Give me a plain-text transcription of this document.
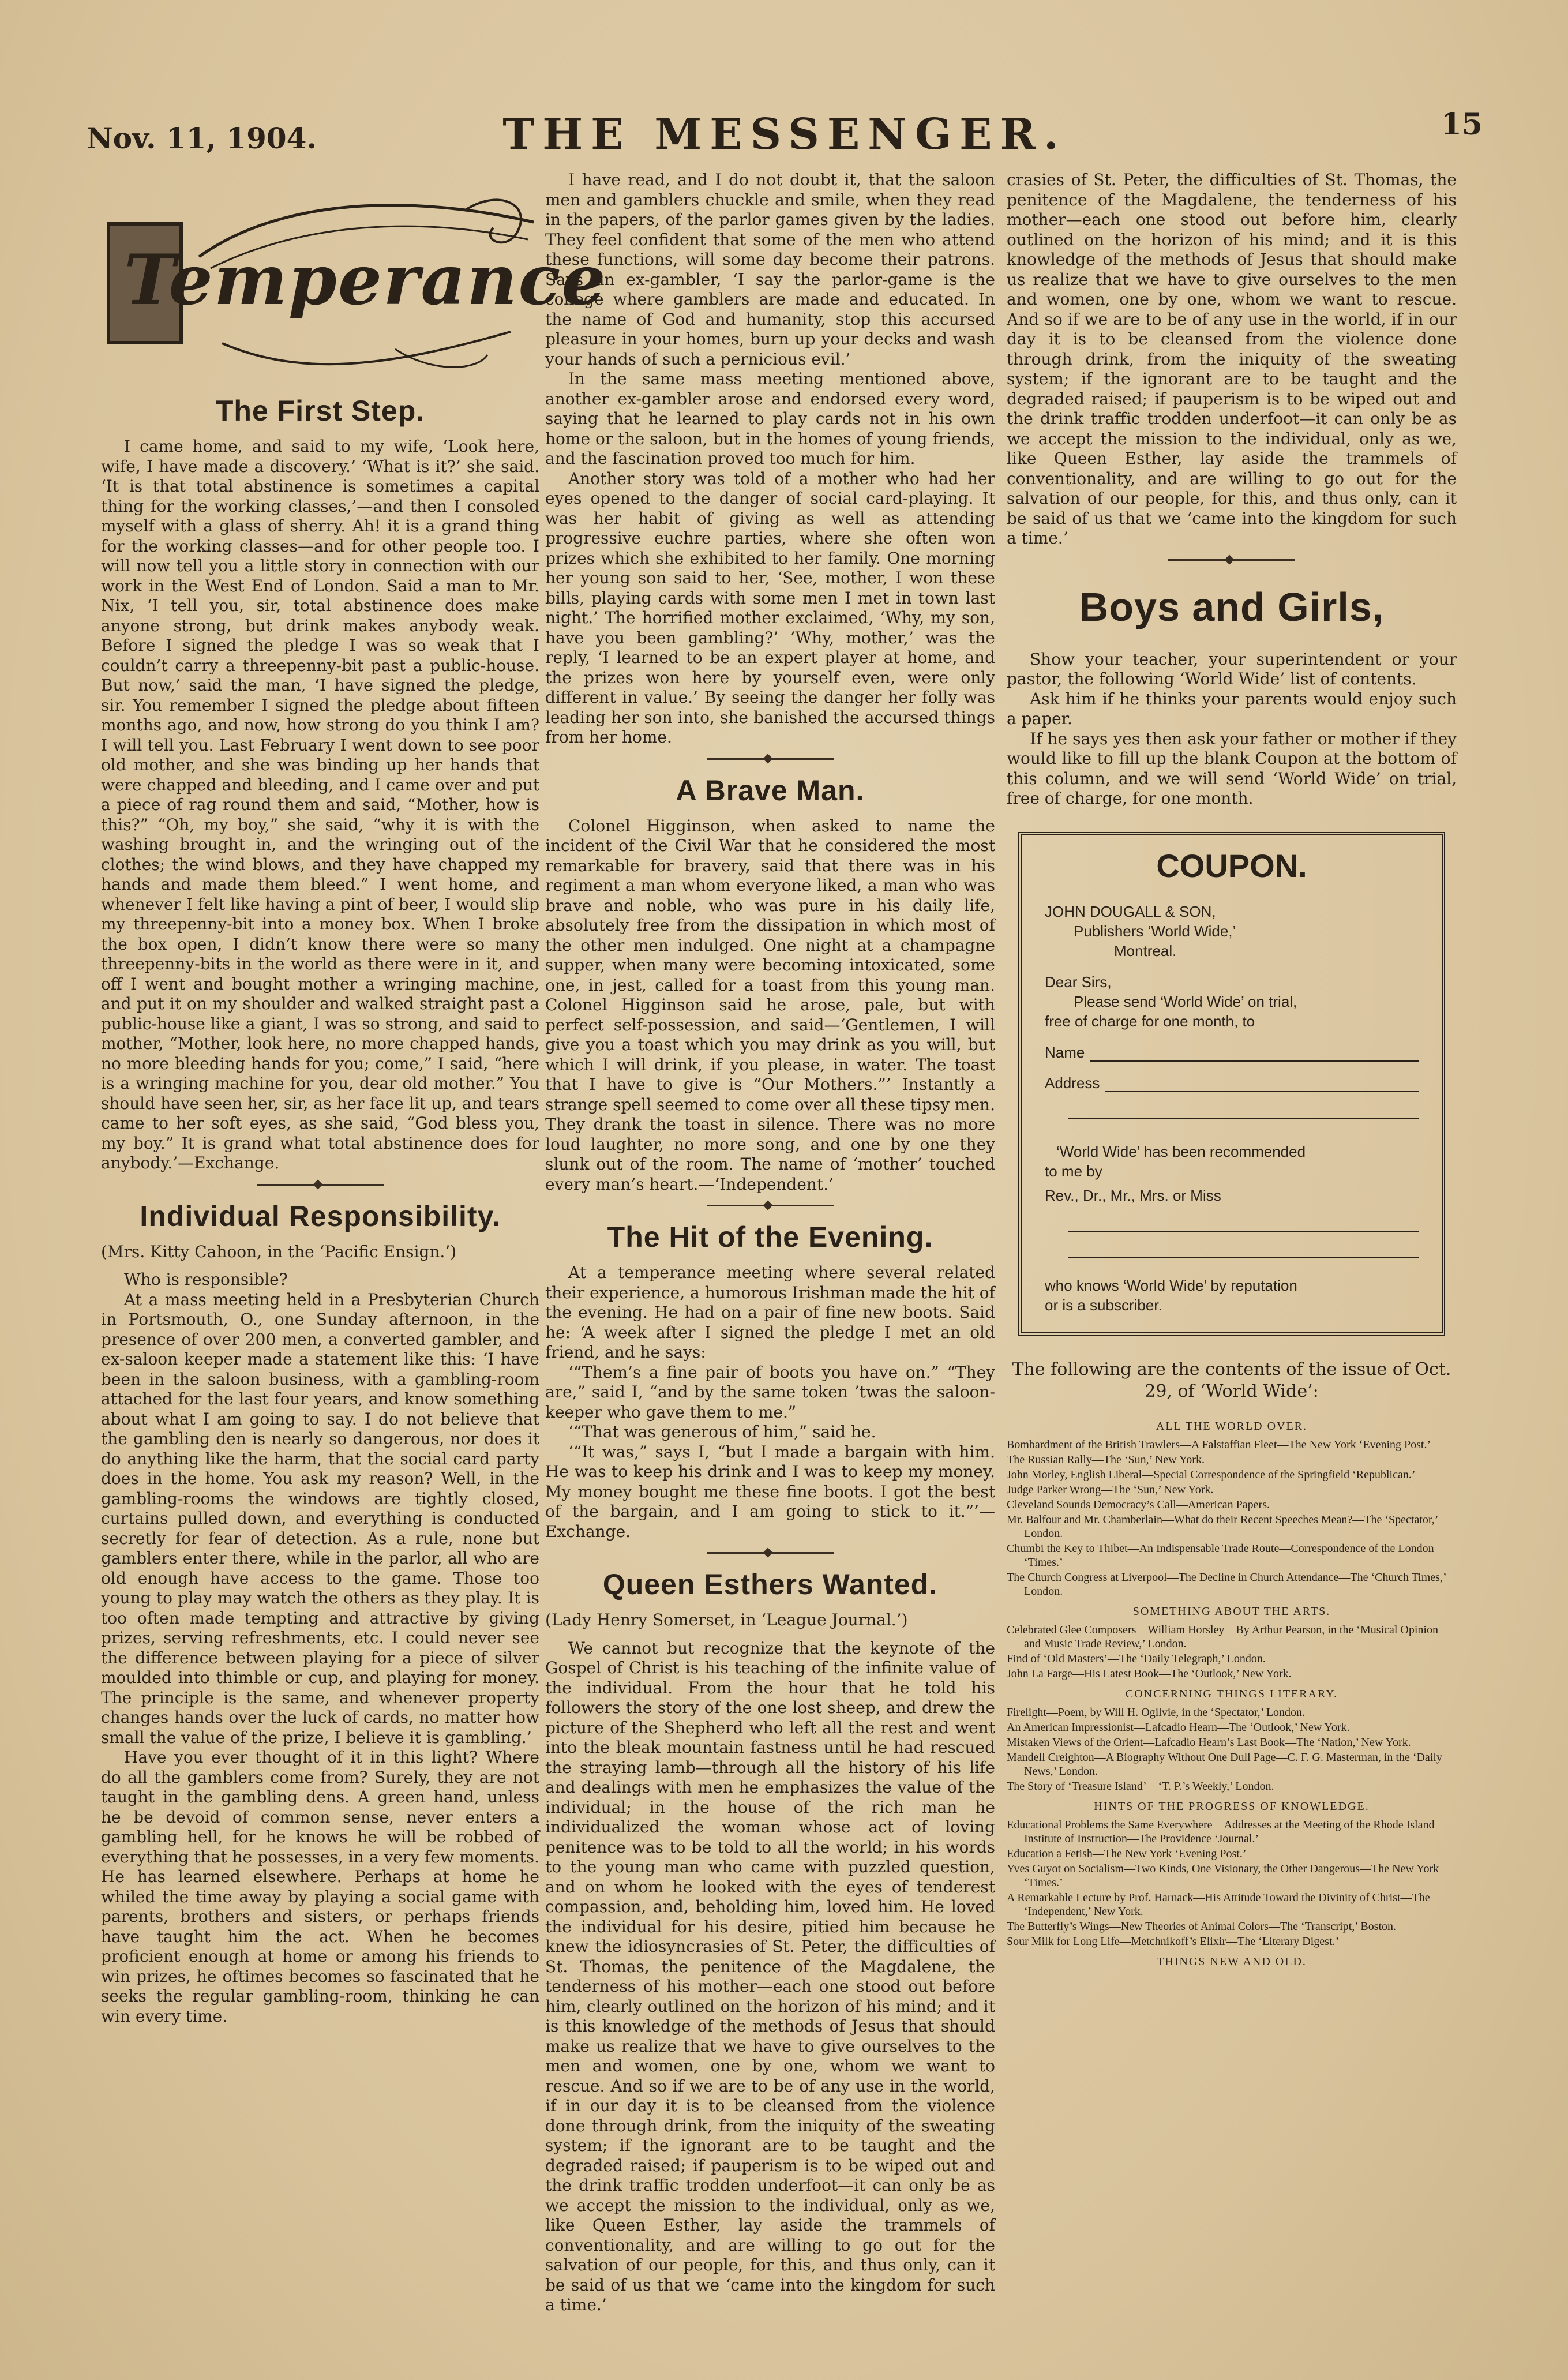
Nov. 11, 1904.	THE MESSENGER.	15
Temperance
The First Step.

I came home, and said to my wife, ‘Look here, wife, I have made a discovery.’ ‘What is it?’ she said. ‘It is that total abstinence is sometimes a capital thing for the working classes,’—and then I consoled myself with a glass of sherry. Ah! it is a grand thing for the working classes—and for other people too. I will now tell you a little story in connection with our work in the West End of London. Said a man to Mr. Nix, ‘I tell you, sir, total abstinence does make anyone strong, but drink makes anybody weak. Before I signed the pledge I was so weak that I couldn’t carry a threepenny-bit past a public-house. But now,’ said the man, ‘I have signed the pledge, sir. You remember I signed the pledge about fifteen months ago, and now, how strong do you think I am? I will tell you. Last February I went down to see poor old mother, and she was binding up her hands that were chapped and bleeding, and I came over and put a piece of rag round them and said, “Mother, how is this?” “Oh, my boy,” she said, “why it is with the washing brought in, and the wringing out of the clothes; the wind blows, and they have chapped my hands and made them bleed.” I went home, and whenever I felt like having a pint of beer, I would slip my threepenny-bit into a money box. When I broke the box open, I didn’t know there were so many threepenny-bits in the world as there were in it, and off I went and bought mother a wringing machine, and put it on my shoulder and walked straight past a public-house like a giant, I was so strong, and said to mother, “Mother, look here, no more chapped hands, no more bleeding hands for you; come,” I said, “here is a wringing machine for you, dear old mother.” You should have seen her, sir, as her face lit up, and tears came to her soft eyes, as she said, “God bless you, my boy.” It is grand what total abstinence does for anybody.’—Exchange.

Individual Responsibility.
(Mrs. Kitty Cahoon, in the ‘Pacific Ensign.’)

Who is responsible?

At a mass meeting held in a Presbyterian Church in Portsmouth, O., one Sunday afternoon, in the presence of over 200 men, a converted gambler, and ex-saloon keeper made a statement like this: ‘I have been in the saloon business, with a gambling-room attached for the last four years, and know something about what I am going to say. I do not believe that the gambling den is nearly so dangerous, nor does it do anything like the harm, that the social card party does in the home. You ask my reason? Well, in the gambling-rooms the windows are tightly closed, curtains pulled down, and everything is conducted secretly for fear of detection. As a rule, none but gamblers enter there, while in the parlor, all who are old enough have access to the game. Those too young to play may watch the others as they play. It is too often made tempting and attractive by giving prizes, serving refreshments, etc. I could never see the difference between playing for a piece of silver moulded into thimble or cup, and playing for money. The principle is the same, and whenever property changes hands over the luck of cards, no matter how small the value of the prize, I believe it is gambling.’

Have you ever thought of it in this light? Where do all the gamblers come from? Surely, they are not taught in the gambling dens. A green hand, unless he be devoid of common sense, never enters a gambling hell, for he knows he will be robbed of everything that he possesses, in a very few moments. He has learned elsewhere. Perhaps at home he whiled the time away by playing a social game with parents, brothers and sisters, or perhaps friends have taught him the act. When he becomes proficient enough at home or among his friends to win prizes, he oftimes becomes so fascinated that he seeks the regular gambling-room, thinking he can win every time.

I have read, and I do not doubt it, that the saloon men and gamblers chuckle and smile, when they read in the papers, of the parlor games given by the ladies. They feel confident that some of the men who attend these functions, will some day become their patrons. Says an ex-gambler, ‘I say the parlor-game is the college where gamblers are made and educated. In the name of God and humanity, stop this accursed pleasure in your homes, burn up your decks and wash your hands of such a pernicious evil.’

In the same mass meeting mentioned above, another ex-gambler arose and endorsed every word, saying that he learned to play cards not in his own home or the saloon, but in the homes of young friends, and the fascination proved too much for him.

Another story was told of a mother who had her eyes opened to the danger of social card-playing. It was her habit of giving as well as attending progressive euchre parties, where she often won prizes which she exhibited to her family. One morning her young son said to her, ‘See, mother, I won these bills, playing cards with some men I met in town last night.’ The horrified mother exclaimed, ‘Why, my son, have you been gambling?’ ‘Why, mother,’ was the reply, ‘I learned to be an expert player at home, and the prizes won here by yourself even, were only different in value.’ By seeing the danger her folly was leading her son into, she banished the accursed things from her home.

A Brave Man.

Colonel Higginson, when asked to name the incident of the Civil War that he considered the most remarkable for bravery, said that there was in his regiment a man whom everyone liked, a man who was brave and noble, who was pure in his daily life, absolutely free from the dissipation in which most of the other men indulged. One night at a champagne supper, when many were becoming intoxicated, some one, in jest, called for a toast from this young man. Colonel Higginson said he arose, pale, but with perfect self-possession, and said—‘Gentlemen, I will give you a toast which you may drink as you will, but which I will drink, if you please, in water. The toast that I have to give is “Our Mothers.”’ Instantly a strange spell seemed to come over all these tipsy men. They drank the toast in silence. There was no more loud laughter, no more song, and one by one they slunk out of the room. The name of ‘mother’ touched every man’s heart.—‘Independent.’

The Hit of the Evening.

At a temperance meeting where several related their experience, a humorous Irishman made the hit of the evening. He had on a pair of fine new boots. Said he: ‘A week after I signed the pledge I met an old friend, and he says:

‘“Them’s a fine pair of boots you have on.” “They are,” said I, “and by the same token ’twas the saloon-keeper who gave them to me.”

‘“That was generous of him,” said he.

‘“It was,” says I, “but I made a bargain with him. He was to keep his drink and I was to keep my money. My money bought me these fine boots. I got the best of the bargain, and I am going to stick to it.”’—Exchange.

Queen Esthers Wanted.
(Lady Henry Somerset, in ‘League Journal.’)

We cannot but recognize that the keynote of the Gospel of Christ is his teaching of the infinite value of the individual. From the hour that he told his followers the story of the one lost sheep, and drew the picture of the Shepherd who left all the rest and went into the bleak mountain fastness until he had rescued the straying lamb—through all the history of his life and dealings with men he emphasizes the value of the individual; in the house of the rich man he individualized the woman whose act of loving penitence was to be told to all the world; in his words to the young man who came with puzzled question, and on whom he looked with the eyes of tenderest compassion, and, beholding him, loved him. He loved the individual for his desire, pitied him because he knew the idiosyncrasies of St. Peter, the difficulties of St. Thomas, the penitence of the Magdalene, the tenderness of his mother—each one stood out before him, clearly outlined on the horizon of his mind; and it is this knowledge of the methods of Jesus that should make us realize that we have to give ourselves to the men and women, one by one, whom we want to rescue. And so if we are to be of any use in the world, if in our day it is to be cleansed from the violence done through drink, from the iniquity of the sweating system; if the ignorant are to be taught and the degraded raised; if pauperism is to be wiped out and the drink traffic trodden underfoot—it can only be as we accept the mission to the individual, only as we, like Queen Esther, lay aside the trammels of conventionality, and are willing to go out for the salvation of our people, for this, and thus only, can it be said of us that we ‘came into the kingdom for such a time.’

crasies of St. Peter, the difficulties of St. Thomas, the penitence of the Magdalene, the tenderness of his mother—each one stood out before him, clearly outlined on the horizon of his mind; and it is this knowledge of the methods of Jesus that should make us realize that we have to give ourselves to the men and women, one by one, whom we want to rescue. And so if we are to be of any use in the world, if in our day it is to be cleansed from the violence done through drink, from the iniquity of the sweating system; if the ignorant are to be taught and the degraded raised; if pauperism is to be wiped out and the drink traffic trodden underfoot—it can only be as we accept the mission to the individual, only as we, like Queen Esther, lay aside the trammels of conventionality, and are willing to go out for the salvation of our people, for this, and thus only, can it be said of us that we ‘came into the kingdom for such a time.’

Boys and Girls,

Show your teacher, your superintendent or your pastor, the following ‘World Wide’ list of contents.

Ask him if he thinks your parents would enjoy such a paper.

If he says yes then ask your father or mother if they would like to fill up the blank Coupon at the bottom of this column, and we will send ‘World Wide’ on trial, free of charge, for one month.

COUPON.

JOHN DOUGALL & SON,

Publishers ‘World Wide,’

Montreal.

Dear Sirs,

Please send ‘World Wide’ on trial,

free of charge for one month, to

Name
Address

‘World Wide’ has been recommended

to me by

Rev., Dr., Mr., Mrs. or Miss

who knows ‘World Wide’ by reputation

or is a subscriber.

The following are the contents of the issue of Oct. 29, of ‘World Wide’:
ALL THE WORLD OVER.
Bombardment of the British Trawlers—A Falstaffian Fleet—The New York ‘Evening Post.’
The Russian Rally—The ‘Sun,’ New York.
John Morley, English Liberal—Special Correspondence of the Springfield ‘Republican.’
Judge Parker Wrong—The ‘Sun,’ New York.
Cleveland Sounds Democracy’s Call—American Papers.
Mr. Balfour and Mr. Chamberlain—What do their Recent Speeches Mean?—The ‘Spectator,’ London.
Chumbi the Key to Thibet—An Indispensable Trade Route—Correspondence of the London ‘Times.’
The Church Congress at Liverpool—The Decline in Church Attendance—The ‘Church Times,’ London.
SOMETHING ABOUT THE ARTS.
Celebrated Glee Composers—William Horsley—By Arthur Pearson, in the ‘Musical Opinion and Music Trade Review,’ London.
Find of ‘Old Masters’—The ‘Daily Telegraph,’ London.
John La Farge—His Latest Book—The ‘Outlook,’ New York.
CONCERNING THINGS LITERARY.
Firelight—Poem, by Will H. Ogilvie, in the ‘Spectator,’ London.
An American Impressionist—Lafcadio Hearn—The ‘Outlook,’ New York.
Mistaken Views of the Orient—Lafcadio Hearn’s Last Book—The ‘Nation,’ New York.
Mandell Creighton—A Biography Without One Dull Page—C. F. G. Masterman, in the ‘Daily News,’ London.
The Story of ‘Treasure Island’—‘T. P.’s Weekly,’ London.
HINTS OF THE PROGRESS OF KNOWLEDGE.
Educational Problems the Same Everywhere—Addresses at the Meeting of the Rhode Island Institute of Instruction—The Providence ‘Journal.’
Education a Fetish—The New York ‘Evening Post.’
Yves Guyot on Socialism—Two Kinds, One Visionary, the Other Dangerous—The New York ‘Times.’
A Remarkable Lecture by Prof. Harnack—His Attitude Toward the Divinity of Christ—The ‘Independent,’ New York.
The Butterfly’s Wings—New Theories of Animal Colors—The ‘Transcript,’ Boston.
Sour Milk for Long Life—Metchnikoff’s Elixir—The ‘Literary Digest.’
THINGS NEW AND OLD.
